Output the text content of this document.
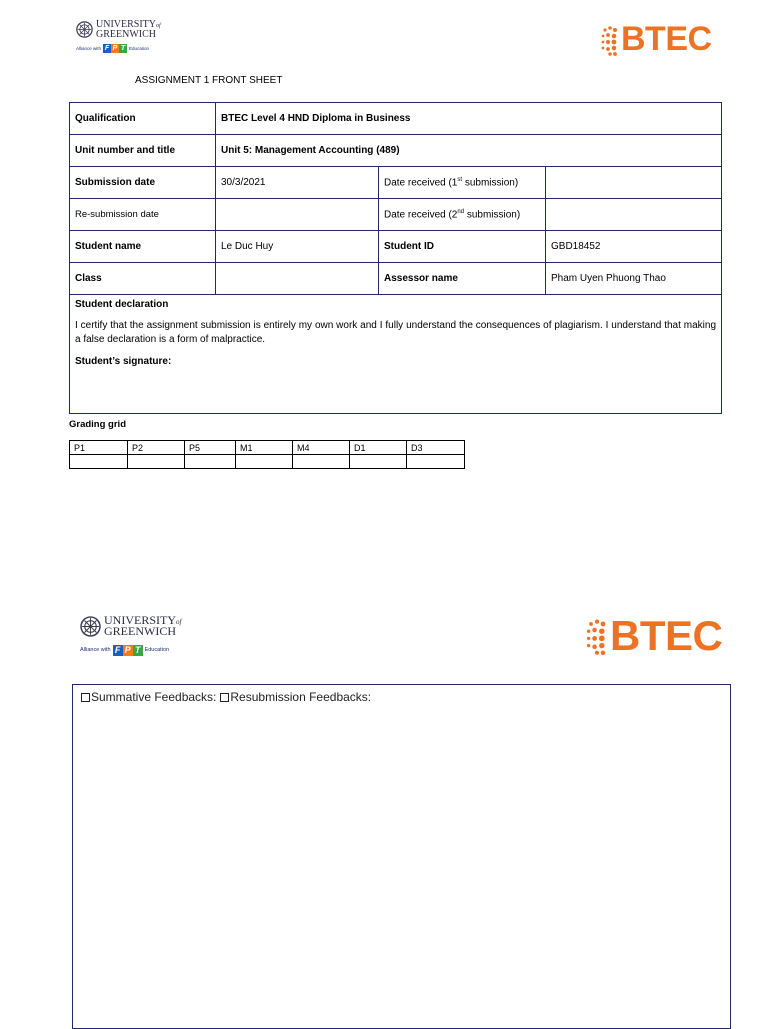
UNIVERSITYof
GREENWICH
Alliance with F P T Education	BTEC
ASSIGNMENT 1 FRONT SHEET
Qualification	BTEC Level 4 HND Diploma in Business		
Unit number and title	Unit 5: Management Accounting (489)		
Submission date	30/3/2021	Date received (1st submission)	
Re-submission date		Date received (2nd submission)	
Student name	Le Duc Huy	Student ID	GBD18452
Class		Assessor name	Pham Uyen Phuong Thao

Student declaration

I certify that the assignment submission is entirely my own work and I fully understand the consequences of plagiarism. I understand that making a false declaration is a form of malpractice.

Student’s signature:			

Grading grid
P1	P2	P5	M1	M4	D1	D3

UNIVERSITYof
GREENWICH
Alliance with F P T Education	BTEC
Summative Feedbacks: Resubmission Feedbacks:
